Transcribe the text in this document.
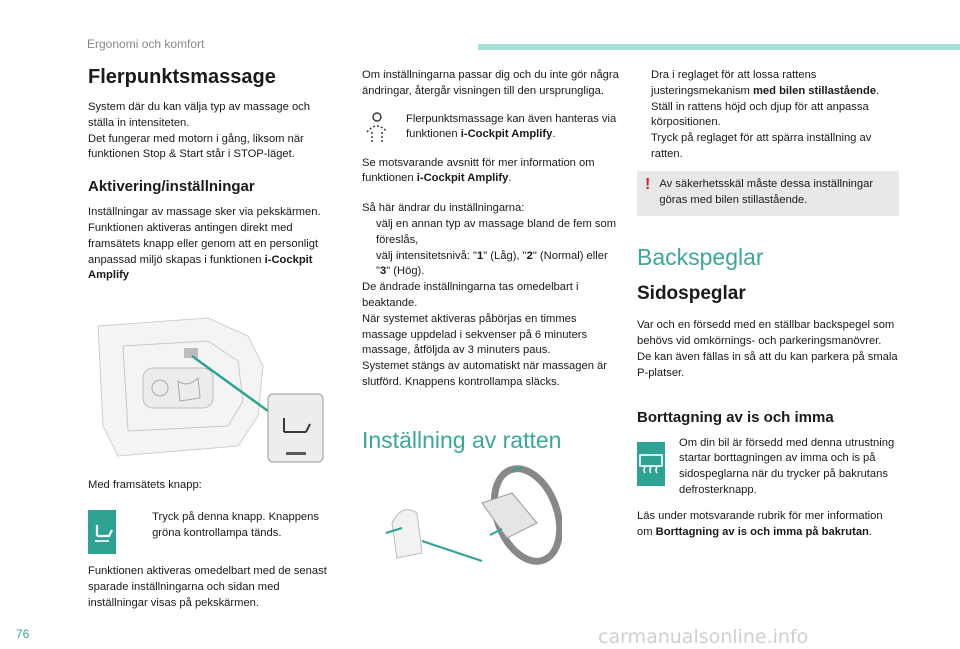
Ergonomi och komfort
Flerpunktsmassage

System där du kan välja typ av massage och ställa in intensiteten.

Det fungerar med motorn i gång, liksom när funktionen Stop & Start står i STOP-läget.

Aktivering/inställningar

Inställningar av massage sker via pekskärmen. Funktionen aktiveras antingen direkt med framsätets knapp eller genom att en personligt anpassad miljö skapas i funktionen i-Cockpit Amplify

Med framsätets knapp:

Tryck på denna knapp. Knappens gröna kontrollampa tänds.

Funktionen aktiveras omedelbart med de senast sparade inställningarna och sidan med inställningar visas på pekskärmen.

Om inställningarna passar dig och du inte gör några ändringar, återgår visningen till den ursprungliga.

Flerpunktsmassage kan även hanteras via funktionen i-Cockpit Amplify.

Se motsvarande avsnitt för mer information om funktionen i-Cockpit Amplify.

Så här ändrar du inställningarna:

välj en annan typ av massage bland de fem som föreslås,
välj intensitetsnivå: "1" (Låg), "2" (Normal) eller "3" (Hög).

De ändrade inställningarna tas omedelbart i beaktande.

När systemet aktiveras påbörjas en timmes massage uppdelad i sekvenser på 6 minuters massage, åtföljda av 3 minuters paus.

Systemet stängs av automatiskt när massagen är slutförd. Knappens kontrollampa släcks.

Inställning av ratten
Dra i reglaget för att lossa rattens justeringsmekanism med bilen stillastående.
Ställ in rattens höjd och djup för att anpassa körpositionen.
Tryck på reglaget för att spärra inställning av ratten.
! Av säkerhetsskäl måste dessa inställningar göras med bilen stillastående.
Backspeglar
Sidospeglar

Var och en försedd med en ställbar backspegel som behövs vid omkörnings- och parkeringsmanövrer.

De kan även fällas in så att du kan parkera på smala P-platser.

Borttagning av is och imma

Om din bil är försedd med denna utrustning startar borttagningen av imma och is på sidospeglarna när du trycker på bakrutans defrosterknapp.

Läs under motsvarande rubrik för mer information om Borttagning av is och imma på bakrutan.

76	carmanualsonline.info
